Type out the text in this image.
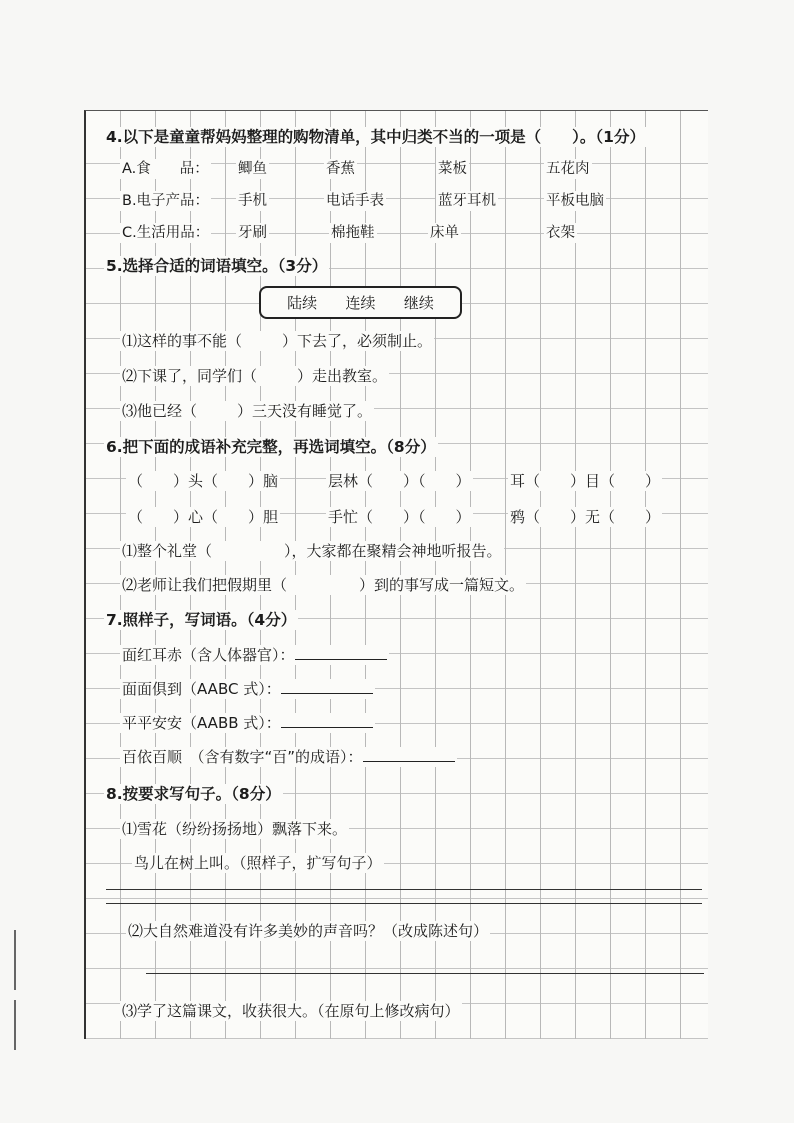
4.以下是童童帮妈妈整理的购物清单，其中归类不当的一项是（　　）。（1分）
A.食　　品： 鲫鱼	香蕉	菜板	五花肉
B.电子产品： 手机	电话手表	蓝牙耳机	平板电脑
C.生活用品： 牙刷	棉拖鞋	床单	衣架
5.选择合适的词语填空。（3分）
陆续 连续 继续
⑴这样的事不能（	）下去了，必须制止。
⑵下课了，同学们（	）走出教室。
⑶他已经（	）三天没有睡觉了。
6.把下面的成语补充完整，再选词填空。（8分）
（　　）头（　　）脑	层林（　　）（　　）	耳（　　）目（　　）
（　　）心（　　）胆	手忙（　　）（　　）	鸦（　　）无（　　）
⑴整个礼堂（	），大家都在聚精会神地听报告。
⑵老师让我们把假期里（	）到的事写成一篇短文。
7.照样子，写词语。（4分）
面红耳赤（含人体器官）：
面面俱到（AABC 式）：
平平安安（AABB 式）：
百依百顺　（含有数字“百”的成语）：
8.按要求写句子。（8分）
⑴雪花（纷纷扬扬地）飘落下来。
鸟儿在树上叫。（照样子，扩写句子）
⑵大自然难道没有许多美妙的声音吗？（改成陈述句）
⑶学了这篇课文，收获很大。（在原句上修改病句）
